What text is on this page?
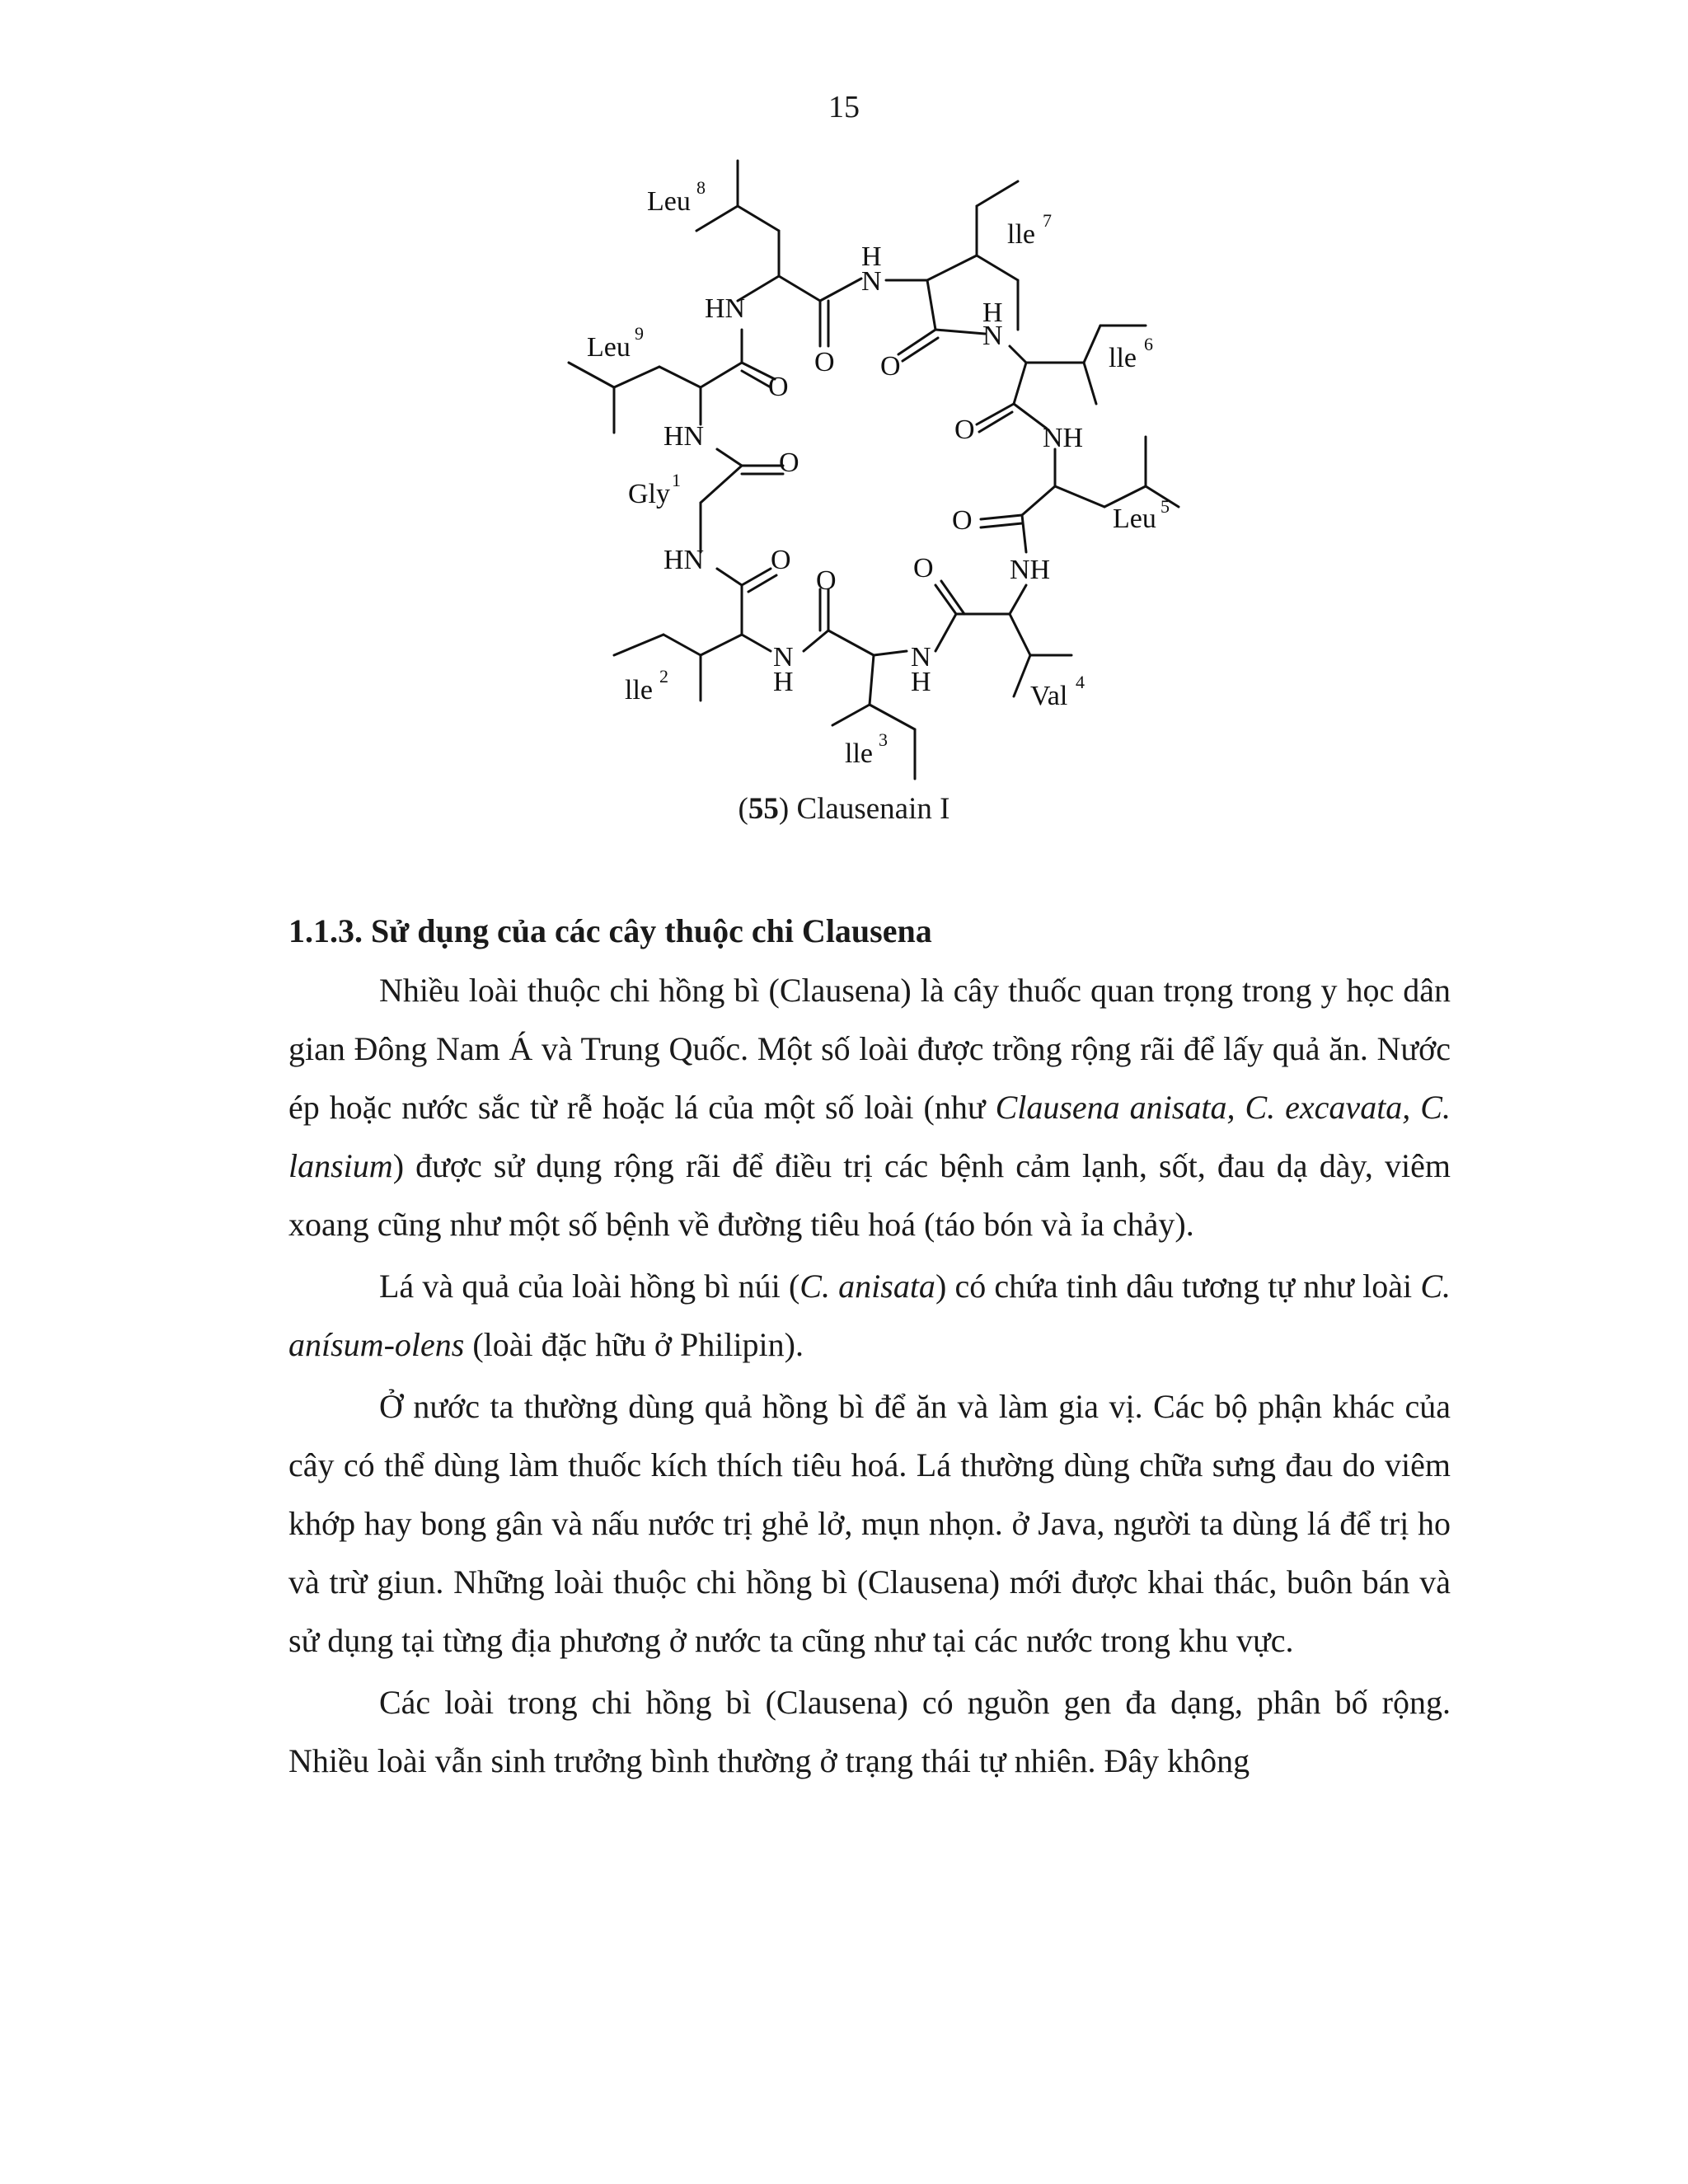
15
Leu 8
lle 7
H
N
HN
O O
H
N
lle 6
Leu 9
O
O NH
HN
O
Gly 1
Leu 5
O
HN O	O	NH
O
N
H
N
H
lle 2
Val 4
lle 3
(55) Clausenain I
1.1.3. Sử dụng của các cây thuộc chi Clausena

Nhiều loài thuộc chi hồng bì (Clausena) là cây thuốc quan trọng trong y học dân gian Đông Nam Á và Trung Quốc. Một số loài được trồng rộng rãi để lấy quả ăn. Nước ép hoặc nước sắc từ rễ hoặc lá của một số loài (như Clausena anisata, C. excavata, C. lansium) được sử dụng rộng rãi để điều trị các bệnh cảm lạnh, sốt, đau dạ dày, viêm xoang cũng như một số bệnh về đường tiêu hoá (táo bón và ỉa chảy).

Lá và quả của loài hồng bì núi (C. anisata) có chứa tinh dâu tương tự như loài C. anísum-olens (loài đặc hữu ở Philipin).

Ở nước ta thường dùng quả hồng bì để ăn và làm gia vị. Các bộ phận khác của cây có thể dùng làm thuốc kích thích tiêu hoá. Lá thường dùng chữa sưng đau do viêm khớp hay bong gân và nấu nước trị ghẻ lở, mụn nhọn. ở Java, người ta dùng lá để trị ho và trừ giun. Những loài thuộc chi hồng bì (Clausena) mới được khai thác, buôn bán và sử dụng tại từng địa phương ở nước ta cũng như tại các nước trong khu vực.

Các loài trong chi hồng bì (Clausena) có nguồn gen đa dạng, phân bố rộng. Nhiều loài vẫn sinh trưởng bình thường ở trạng thái tự nhiên. Đây không
